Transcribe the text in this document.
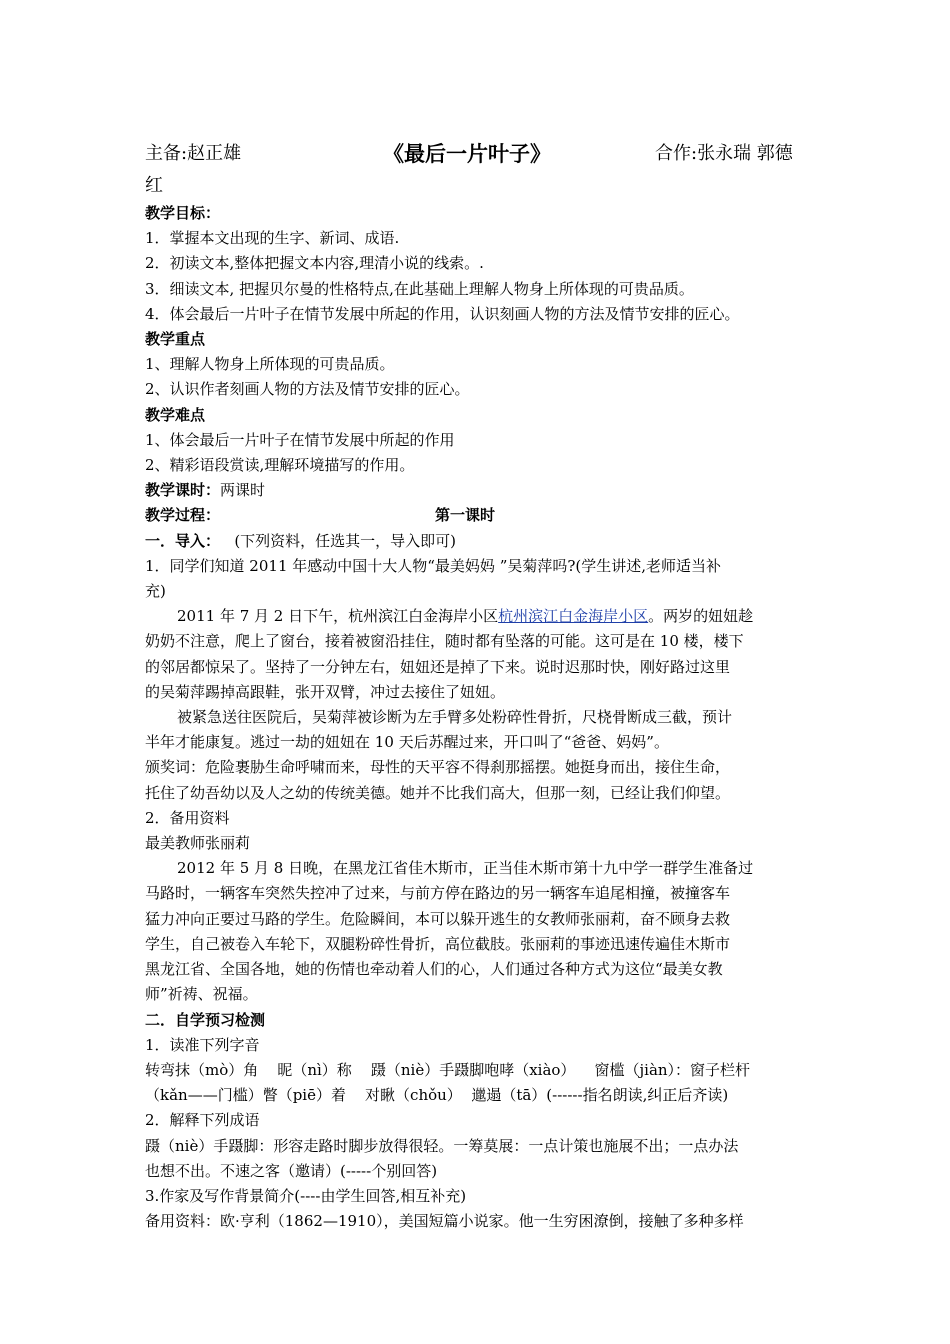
主备:赵正雄	《最后一片叶子》	合作:张永瑞 郭德
红
教学目标：
1．掌握本文出现的生字、新词、成语.
2．初读文本,整体把握文本内容,理清小说的线索。.
3．细读文本, 把握贝尔曼的性格特点,在此基础上理解人物身上所体现的可贵品质。
4．体会最后一片叶子在情节发展中所起的作用，认识刻画人物的方法及情节安排的匠心。
教学重点
1、理解人物身上所体现的可贵品质。
2、认识作者刻画人物的方法及情节安排的匠心。
教学难点
1、体会最后一片叶子在情节发展中所起的作用
2、精彩语段赏读,理解环境描写的作用。
教学课时：两课时
教学过程：	第一课时
一．导入：   (下列资料，任选其一，导入即可)
1．同学们知道 2011 年感动中国十大人物“最美妈妈 ”吴菊萍吗?(学生讲述,老师适当补
充)
2011 年 7 月 2 日下午，杭州滨江白金海岸小区杭州滨江白金海岸小区。两岁的妞妞趁
奶奶不注意，爬上了窗台，接着被窗沿挂住，随时都有坠落的可能。这可是在 10 楼，楼下
的邻居都惊呆了。坚持了一分钟左右，妞妞还是掉了下来。说时迟那时快，刚好路过这里
的吴菊萍踢掉高跟鞋，张开双臂，冲过去接住了妞妞。
被紧急送往医院后，吴菊萍被诊断为左手臂多处粉碎性骨折，尺桡骨断成三截，预计
半年才能康复。逃过一劫的妞妞在 10 天后苏醒过来，开口叫了“爸爸、妈妈”。
颁奖词：危险裹胁生命呼啸而来，母性的天平容不得刹那摇摆。她挺身而出，接住生命，
托住了幼吾幼以及人之幼的传统美德。她并不比我们高大，但那一刻，已经让我们仰望。
2．备用资料
最美教师张丽莉
2012 年 5 月 8 日晚，在黑龙江省佳木斯市，正当佳木斯市第十九中学一群学生准备过
马路时，一辆客车突然失控冲了过来，与前方停在路边的另一辆客车追尾相撞，被撞客车
猛力冲向正要过马路的学生。危险瞬间，本可以躲开逃生的女教师张丽莉，奋不顾身去救
学生，自己被卷入车轮下，双腿粉碎性骨折，高位截肢。张丽莉的事迹迅速传遍佳木斯市
黑龙江省、全国各地，她的伤情也牵动着人们的心，人们通过各种方式为这位“最美女教
师”祈祷、祝福。
二．自学预习检测
1．读准下列字音
转弯抹（mò）角    昵（nì）称    蹑（niè）手蹑脚咆哮（xiào）    窗槛（jiàn）：窗子栏杆
（kǎn——门槛）瞥（piē）着    对瞅（chǒu）  邋遢（tā）(------指名朗读,纠正后齐读)
2．解释下列成语
蹑（niè）手蹑脚：形容走路时脚步放得很轻。一筹莫展：一点计策也施展不出；一点办法
也想不出。不速之客（邀请）(-----个别回答)
3.作家及写作背景简介(----由学生回答,相互补充)
备用资料：欧·亨利（1862—1910），美国短篇小说家。他一生穷困潦倒，接触了多种多样
